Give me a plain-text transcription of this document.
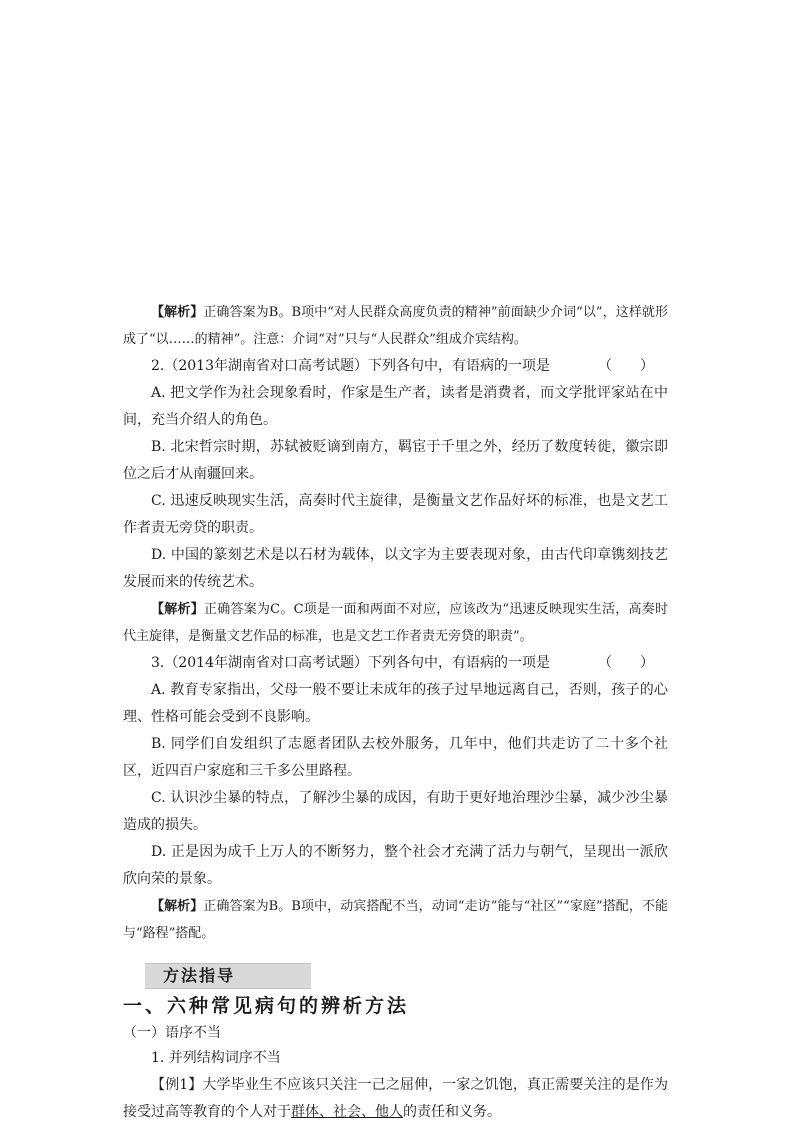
【解析】正确答案为B。B项中“对人民群众高度负责的精神”前面缺少介词“以”，这样就形成了“以……的精神”。注意：介词“对”只与“人民群众”组成介宾结构。

2.（2013年湖南省对口高考试题）下列各句中，有语病的一项是	（　　）

A. 把文学作为社会现象看时，作家是生产者，读者是消费者，而文学批评家站在中间，充当介绍人的角色。

B. 北宋哲宗时期，苏轼被贬谪到南方，羁宦于千里之外，经历了数度转徙，徽宗即位之后才从南疆回来。

C. 迅速反映现实生活，高奏时代主旋律，是衡量文艺作品好坏的标准，也是文艺工作者责无旁贷的职责。

D. 中国的篆刻艺术是以石材为载体，以文字为主要表现对象，由古代印章镌刻技艺发展而来的传统艺术。

【解析】正确答案为C。C项是一面和两面不对应，应该改为“迅速反映现实生活，高奏时代主旋律，是衡量文艺作品的标准，也是文艺工作者责无旁贷的职责”。

3.（2014年湖南省对口高考试题）下列各句中，有语病的一项是	（　　）

A. 教育专家指出，父母一般不要让未成年的孩子过早地远离自己，否则，孩子的心理、性格可能会受到不良影响。

B. 同学们自发组织了志愿者团队去校外服务，几年中，他们共走访了二十多个社区，近四百户家庭和三千多公里路程。

C. 认识沙尘暴的特点，了解沙尘暴的成因，有助于更好地治理沙尘暴，减少沙尘暴造成的损失。

D. 正是因为成千上万人的不断努力，整个社会才充满了活力与朝气，呈现出一派欣欣向荣的景象。

【解析】正确答案为B。B项中，动宾搭配不当，动词“走访”能与“社区”“家庭”搭配，不能与“路程”搭配。

方法指导

一、六种常见病句的辨析方法

（一）语序不当

1. 并列结构词序不当

【例1】大学毕业生不应该只关注一己之屈伸，一家之饥饱，真正需要关注的是作为接受过高等教育的个人对于群体、社会、他人的责任和义务。
